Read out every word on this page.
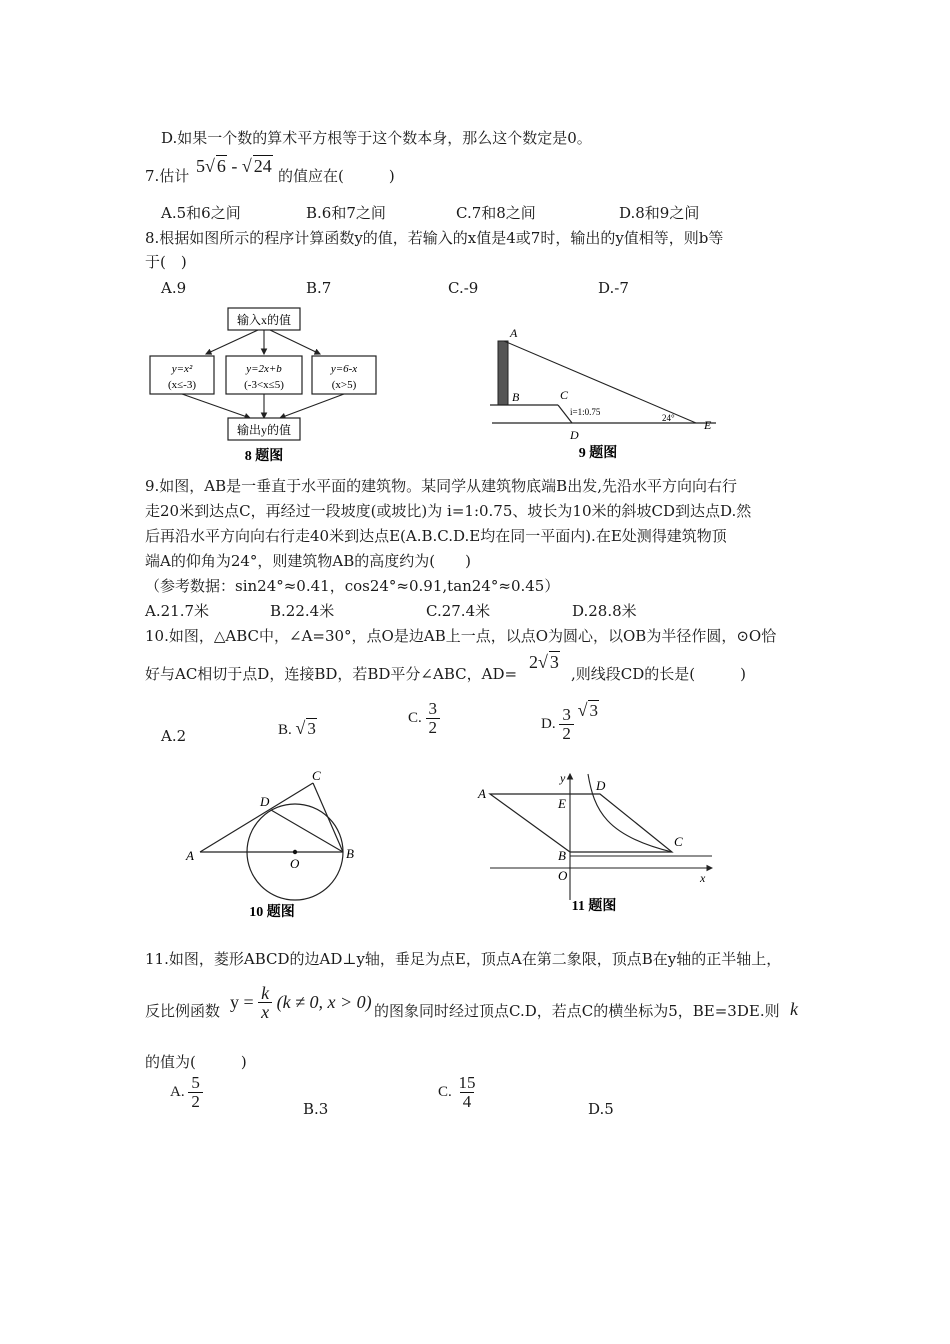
D.如果一个数的算术平方根等于这个数本身，那么这个数定是0。
7.估计 5√ 6 - √ 24 的值应在(　　　)
A.5和6之间	B.6和7之间	C.7和8之间	D.8和9之间
8.根据如图所示的程序计算函数y的值，若输入的x值是4或7时，输出的y值相等，则b等
于(　)
A.9	B.7	C.-9	D.-7
输入x的值
y=x²
(x≤-3)
y=2x+b
(-3<x≤5)
y=6-x
(x>5)
输出y的值
8 题图
A
B	C
D
E
i=1:0.75
24°
9 题图
9.如图，AB是一垂直于水平面的建筑物。某同学从建筑物底端B出发,先沿水平方向向右行
走20米到达点C，再经过一段坡度(或坡比)为 i=1:0.75、坡长为10米的斜坡CD到达点D.然
后再沿水平方向向右行走40米到达点E(A.B.C.D.E均在同一平面内).在E处测得建筑物顶
端A的仰角为24°，则建筑物AB的高度约为(　　)
（参考数据：sin24°≈0.41，cos24°≈0.91,tan24°≈0.45）
A.21.7米	B.22.4米	C.27.4米	D.28.8米
10.如图，△ABC中，∠A=30°，点O是边AB上一点，以点O为圆心，以OB为半径作圆，⊙O恰
好与AC相切于点D，连接BD，若BD平分∠ABC，AD=
2√ 3
,则线段CD的长是(　　　)
A.2	B. √ 3
C. $\frac{3}{2}$	D. $\frac{3}{2}$ √ 3
A	B
C
D
O
10 题图
y
x
A
B
C
D
E
O
11 题图
11.如图，菱形ABCD的边AD⊥y轴，垂足为点E，顶点A在第二象限，顶点B在y轴的正半轴上，
反比例函数 $y = \frac{k}{x} (k \ne 0$, x > 0) 的图象同时经过顶点C.D，若点C的横坐标为5，BE=3DE.则 k
的值为(　　　)
A. $\frac{5}{2}$	B.3
C. $\frac{15}{4}$	D.5
